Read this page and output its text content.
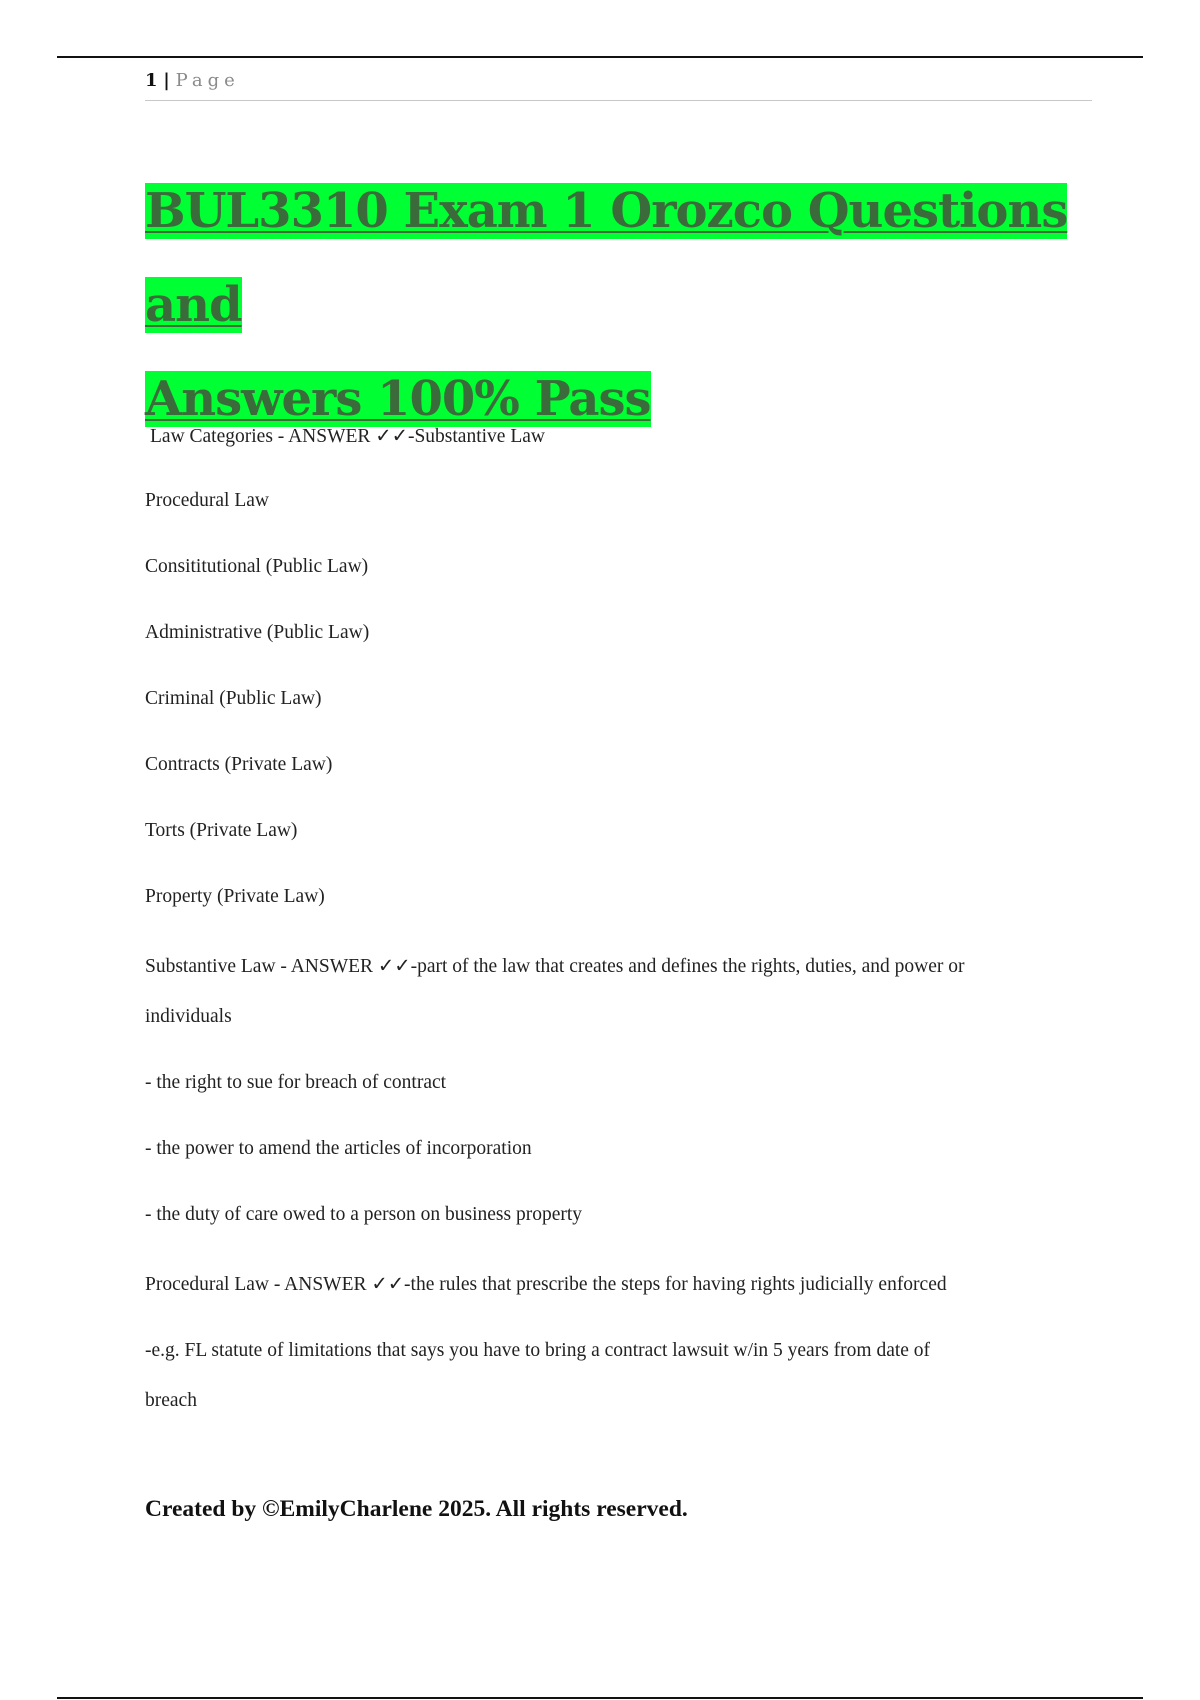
1 | Page
BUL3310 Exam 1 Orozco Questions and
Answers 100% Pass
Law Categories - ANSWER ✓✓-Substantive Law
Procedural Law
Consititutional (Public Law)
Administrative (Public Law)
Criminal (Public Law)
Contracts (Private Law)
Torts (Private Law)
Property (Private Law)
Substantive Law - ANSWER ✓✓-part of the law that creates and defines the rights, duties, and power or
individuals
- the right to sue for breach of contract
- the power to amend the articles of incorporation
- the duty of care owed to a person on business property
Procedural Law - ANSWER ✓✓-the rules that prescribe the steps for having rights judicially enforced
-e.g. FL statute of limitations that says you have to bring a contract lawsuit w/in 5 years from date of
breach
Created by ©EmilyCharlene 2025. All rights reserved.
